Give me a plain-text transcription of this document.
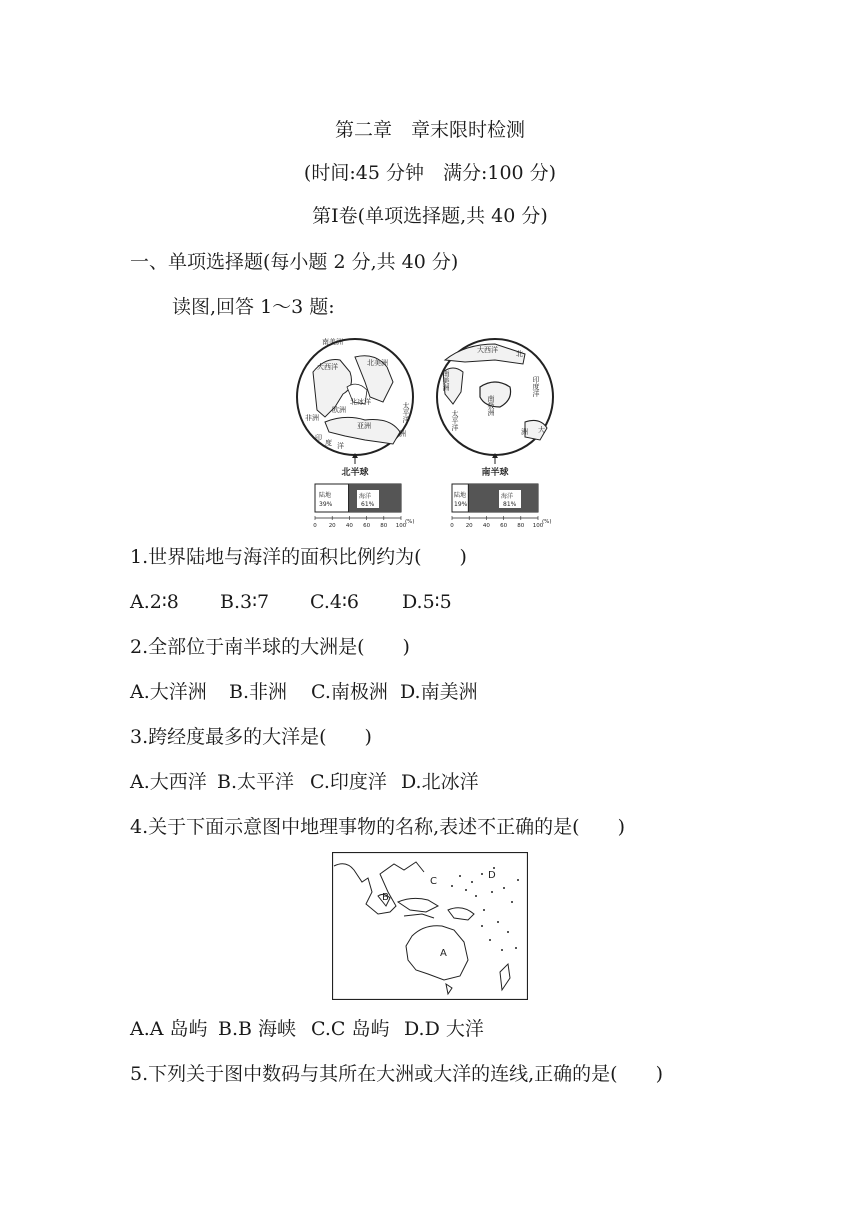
第二章　章末限时检测
(时间:45 分钟　满分:100 分)
第Ⅰ卷(单项选择题,共 40 分)
一、单项选择题(每小题 2 分,共 40 分)
读图,回答 1～3 题:
南美洲
北美洲
大西洋
北冰洋
欧洲
非洲
亚洲
太平洋
印
度 洋
洲
北半球
陆地
39%
海洋
61%
0 20 40 60 80 100
(%)
大西洋	北
南美洲
南极洲
印度洋
太平洋
洲 大
南半球
陆地
19%
海洋
81%
0 20 40 60 80 100
(%)
1.世界陆地与海洋的面积比例约为(　　)
A.2∶8 B.3∶7 C.4∶6 D.5∶5
2.全部位于南半球的大洲是(　　)
A.大洋洲 B.非洲 C.南极洲 D.南美洲
3.跨经度最多的大洋是(　　)
A.大西洋 B.太平洋 C.印度洋 D.北冰洋
4.关于下面示意图中地理事物的名称,表述不正确的是(　　)
A
B
C
D
A.A 岛屿 B.B 海峡 C.C 岛屿 D.D 大洋
5.下列关于图中数码与其所在大洲或大洋的连线,正确的是(　　)
